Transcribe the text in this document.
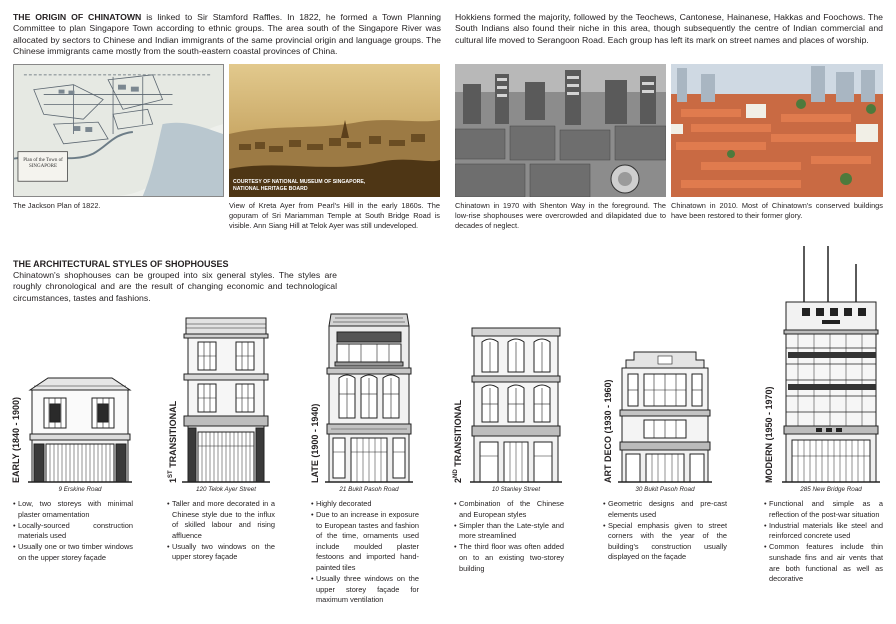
THE ORIGIN OF CHINATOWN is linked to Sir Stamford Raffles. In 1822, he formed a Town Planning Committee to plan Singapore Town according to ethnic groups. The area south of the Singapore River was allocated by sectors to Chinese and Indian immigrants of the same provincial origin and language groups. The Chinese immigrants came mostly from the south-eastern coastal provinces of China.
Hokkiens formed the majority, followed by the Teochews, Cantonese, Hainanese, Hakkas and Foochows. The South Indians also found their niche in this area, though subsequently the centre of Indian commercial and cultural life moved to Serangoon Road. Each group has left its mark on street names and places of worship.
Plan of the Town of SINGAPORE
The Jackson Plan of 1822.
COURTESY OF NATIONAL MUSEUM OF SINGAPORE,
NATIONAL HERITAGE BOARD
View of Kreta Ayer from Pearl's Hill in the early 1860s. The gopuram of Sri Mariamman Temple at South Bridge Road is visible. Ann Siang Hill at Telok Ayer was still undeveloped.
Chinatown in 1970 with Shenton Way in the foreground. The low-rise shophouses were overcrowded and dilapidated due to decades of neglect.
Chinatown in 2010. Most of Chinatown's conserved buildings have been restored to their former glory.
THE ARCHITECTURAL STYLES OF SHOPHOUSES
Chinatown's shophouses can be grouped into six general styles. The styles are roughly chronological and are the result of changing economic and technological circumstances, tastes and fashions.
EARLY (1840 - 1900)
9 Erskine Road
• Low, two storeys with minimal plaster ornamentation
• Locally-sourced construction materials used
• Usually one or two timber windows on the upper storey façade
1ST TRANSITIONAL
120 Telok Ayer Street
• Taller and more decorated in a Chinese style due to the influx of skilled labour and rising affluence
• Usually two windows on the upper storey façade
LATE (1900 - 1940)
21 Bukit Pasoh Road
• Highly decorated
• Due to an increase in exposure to European tastes and fashion of the time, ornaments used include moulded plaster festoons and imported hand-painted tiles
• Usually three windows on the upper storey façade for maximum ventilation
2ND TRANSITIONAL
10 Stanley Street
• Combination of the Chinese and European styles
• Simpler than the Late-style and more streamlined
• The third floor was often added on to an existing two-storey building
ART DECO (1930 - 1960)
30 Bukit Pasoh Road
• Geometric designs and pre-cast elements used
• Special emphasis given to street corners with the year of the building's construction usually displayed on the façade
MODERN (1950 - 1970)
285 New Bridge Road
• Functional and simple as a reflection of the post-war situation
• Industrial materials like steel and reinforced concrete used
• Common features include thin sunshade fins and air vents that are both functional as well as decorative
